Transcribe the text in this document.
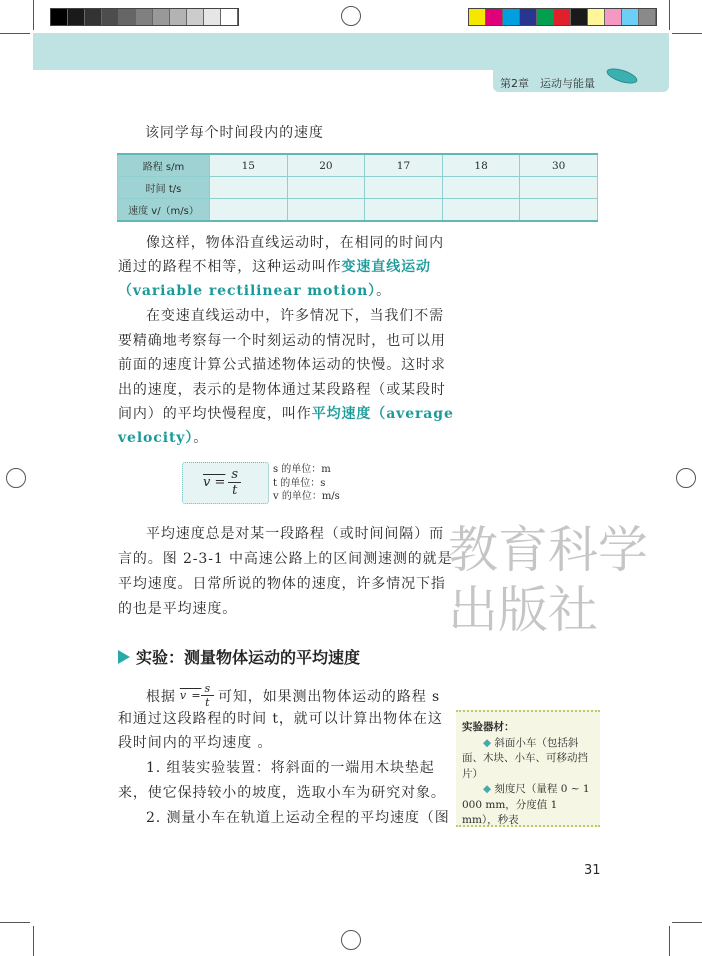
第2章　运动与能量
该同学每个时间段内的速度
路程 s/m	15	20	17	18	30
时间 t/s					
速度 v/（m/s）					
像这样，物体沿直线运动时，在相同的时间内
通过的路程不相等，这种运动叫作变速直线运动
（variable rectilinear motion）。
在变速直线运动中，许多情况下，当我们不需
要精确地考察每一个时刻运动的情况时，也可以用
前面的速度计算公式描述物体运动的快慢。这时求
出的速度，表示的是物体通过某段路程（或某段时
间内）的平均快慢程度，叫作平均速度（average
velocity）。
$v = \frac{s}{t}$	s 的单位：m
t 的单位：s
v 的单位：m/s
平均速度总是对某一段路程（或时间间隔）而
言的。图 2-3-1 中高速公路上的区间测速测的就是
平均速度。日常所说的物体的速度，许多情况下指
的也是平均速度。
教育科学出版社
实验：测量物体运动的平均速度
根据 $v = \frac{s}{t}$ 可知，如果测出物体运动的路程 s
和通过这段路程的时间 t，就可以计算出物体在这
段时间内的平均速度 。
1. 组装实验装置：将斜面的一端用木块垫起
来，使它保持较小的坡度，选取小车为研究对象。
2. 测量小车在轨道上运动全程的平均速度（图
实验器材：
◆ 斜面小车（包括斜面、木块、小车、可移动挡片）
◆ 刻度尺（量程 0 ~ 1 000 mm，分度值 1 mm），秒表
31
